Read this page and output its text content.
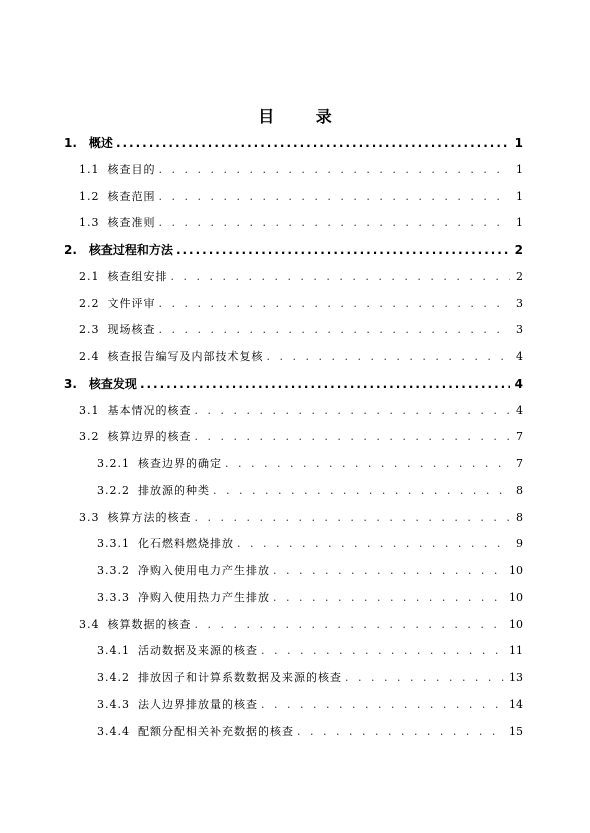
目 录
1. 概述 .....	1
1.1 核查目的 . . .	1
1.2 核查范围 . . .	1
1.3 核查准则 . . .	1
2. 核查过程和方法 .....	2
2.1 核查组安排 . . .	2
2.2 文件评审 . . .	3
2.3 现场核查 . . .	3
2.4 核查报告编写及内部技术复核 . . .	4
3. 核查发现 .....	4
3.1 基本情况的核查 . . .	4
3.2 核算边界的核查 . . .	7
3.2.1 核查边界的确定 . . .	7
3.2.2 排放源的种类 . . .	8
3.3 核算方法的核查 . . .	8
3.3.1 化石燃料燃烧排放 . . .	9
3.3.2 净购入使用电力产生排放 . . .	10
3.3.3 净购入使用热力产生排放 . . .	10
3.4 核算数据的核查 . . .	10
3.4.1 活动数据及来源的核查 . . .	11
3.4.2 排放因子和计算系数数据及来源的核查 . . .	13
3.4.3 法人边界排放量的核查 . . .	14
3.4.4 配额分配相关补充数据的核查 . . .	15
